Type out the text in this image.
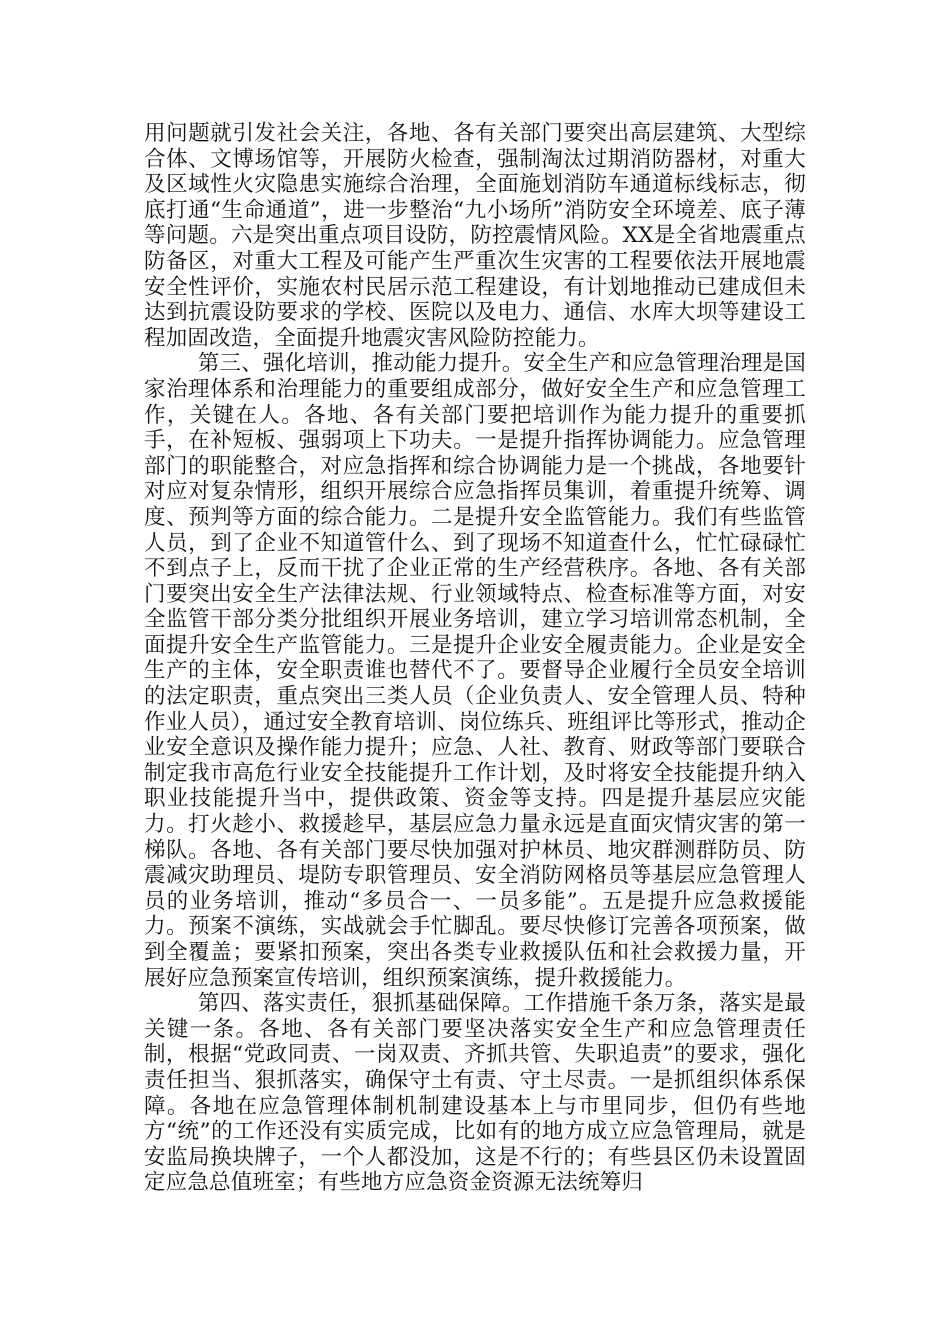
用问题就引发社会关注，各地、各有关部门要突出高层建筑、大型综合体、文博场馆等，开展防火检查，强制淘汰过期消防器材，对重大及区域性火灾隐患实施综合治理，全面施划消防车通道标线标志，彻底打通“生命通道”，进一步整治“九小场所”消防安全环境差、底子薄等问题。六是突出重点项目设防，防控震情风险。XX是全省地震重点防备区，对重大工程及可能产生严重次生灾害的工程要依法开展地震安全性评价，实施农村民居示范工程建设，有计划地推动已建成但未达到抗震设防要求的学校、医院以及电力、通信、水库大坝等建设工程加固改造，全面提升地震灾害风险防控能力。

第三、强化培训，推动能力提升。安全生产和应急管理治理是国家治理体系和治理能力的重要组成部分，做好安全生产和应急管理工作，关键在人。各地、各有关部门要把培训作为能力提升的重要抓手，在补短板、强弱项上下功夫。一是提升指挥协调能力。应急管理部门的职能整合，对应急指挥和综合协调能力是一个挑战，各地要针对应对复杂情形，组织开展综合应急指挥员集训，着重提升统筹、调度、预判等方面的综合能力。二是提升安全监管能力。我们有些监管人员，到了企业不知道管什么、到了现场不知道查什么，忙忙碌碌忙不到点子上，反而干扰了企业正常的生产经营秩序。各地、各有关部门要突出安全生产法律法规、行业领域特点、检查标准等方面，对安全监管干部分类分批组织开展业务培训，建立学习培训常态机制，全面提升安全生产监管能力。三是提升企业安全履责能力。企业是安全生产的主体，安全职责谁也替代不了。要督导企业履行全员安全培训的法定职责，重点突出三类人员（企业负责人、安全管理人员、特种作业人员），通过安全教育培训、岗位练兵、班组评比等形式，推动企业安全意识及操作能力提升；应急、人社、教育、财政等部门要联合制定我市高危行业安全技能提升工作计划，及时将安全技能提升纳入职业技能提升当中，提供政策、资金等支持。四是提升基层应灾能力。打火趁小、救援趁早，基层应急力量永远是直面灾情灾害的第一梯队。各地、各有关部门要尽快加强对护林员、地灾群测群防员、防震减灾助理员、堤防专职管理员、安全消防网格员等基层应急管理人员的业务培训，推动“多员合一、一员多能”。五是提升应急救援能力。预案不演练，实战就会手忙脚乱。要尽快修订完善各项预案，做到全覆盖；要紧扣预案，突出各类专业救援队伍和社会救援力量，开展好应急预案宣传培训，组织预案演练，提升救援能力。

第四、落实责任，狠抓基础保障。工作措施千条万条，落实是最关键一条。各地、各有关部门要坚决落实安全生产和应急管理责任制，根据“党政同责、一岗双责、齐抓共管、失职追责”的要求，强化责任担当、狠抓落实，确保守土有责、守土尽责。一是抓组织体系保障。各地在应急管理体制机制建设基本上与市里同步，但仍有些地方“统”的工作还没有实质完成，比如有的地方成立应急管理局，就是安监局换块牌子，一个人都没加，这是不行的；有些县区仍未设置固定应急总值班室；有些地方应急资金资源无法统筹归
